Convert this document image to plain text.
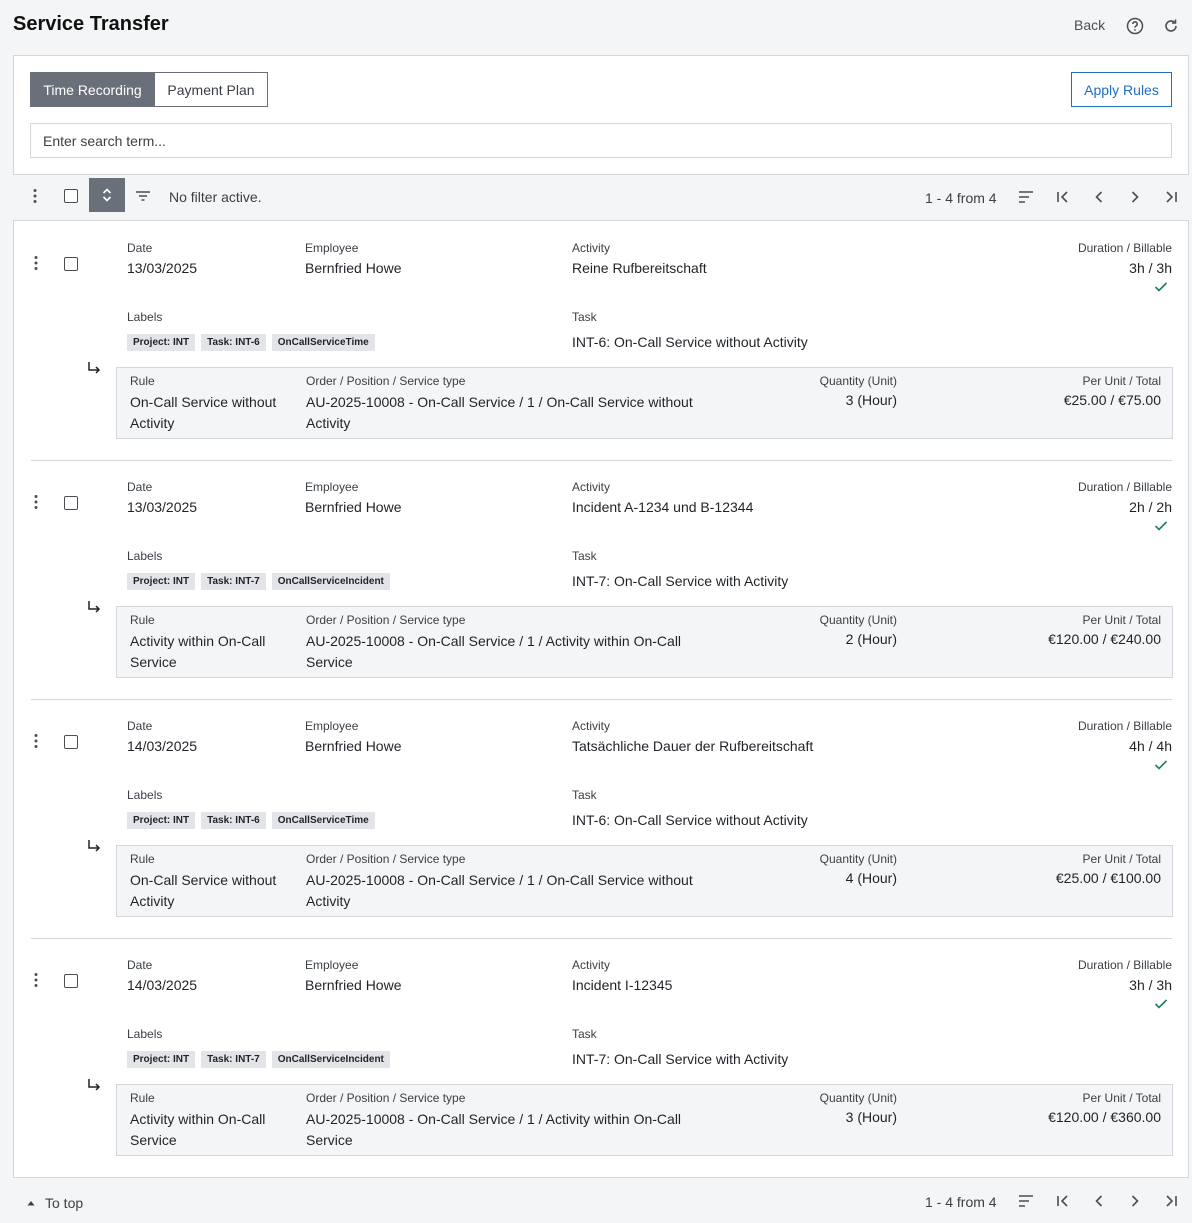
Service Transfer	Back
Time Recording	Payment Plan	Apply Rules
Enter search term...
No filter active.	1 - 4 from 4
Date
13/03/2025
Employee
Bernfried Howe
Activity
Reine Rufbereitschaft
Duration / Billable
3h / 3h
Labels
Project: INT	Task: INT-6	OnCallServiceTime
Task
INT-6: On-Call Service without Activity
Rule
On-Call Service without Activity
Order / Position / Service type
AU-2025-10008 - On-Call Service / 1 / On-Call Service without Activity
Quantity (Unit)
3 (Hour)
Per Unit / Total
€25.00 / €75.00
Date
13/03/2025
Employee
Bernfried Howe
Activity
Incident A-1234 und B-12344
Duration / Billable
2h / 2h
Labels
Project: INT	Task: INT-7	OnCallServiceIncident
Task
INT-7: On-Call Service with Activity
Rule
Activity within On-Call Service
Order / Position / Service type
AU-2025-10008 - On-Call Service / 1 / Activity within On-Call Service
Quantity (Unit)
2 (Hour)
Per Unit / Total
€120.00 / €240.00
Date
14/03/2025
Employee
Bernfried Howe
Activity
Tatsächliche Dauer der Rufbereitschaft
Duration / Billable
4h / 4h
Labels
Project: INT	Task: INT-6	OnCallServiceTime
Task
INT-6: On-Call Service without Activity
Rule
On-Call Service without Activity
Order / Position / Service type
AU-2025-10008 - On-Call Service / 1 / On-Call Service without Activity
Quantity (Unit)
4 (Hour)
Per Unit / Total
€25.00 / €100.00
Date
14/03/2025
Employee
Bernfried Howe
Activity
Incident I-12345
Duration / Billable
3h / 3h
Labels
Project: INT	Task: INT-7	OnCallServiceIncident
Task
INT-7: On-Call Service with Activity
Rule
Activity within On-Call Service
Order / Position / Service type
AU-2025-10008 - On-Call Service / 1 / Activity within On-Call Service
Quantity (Unit)
3 (Hour)
Per Unit / Total
€120.00 / €360.00
To top	1 - 4 from 4
